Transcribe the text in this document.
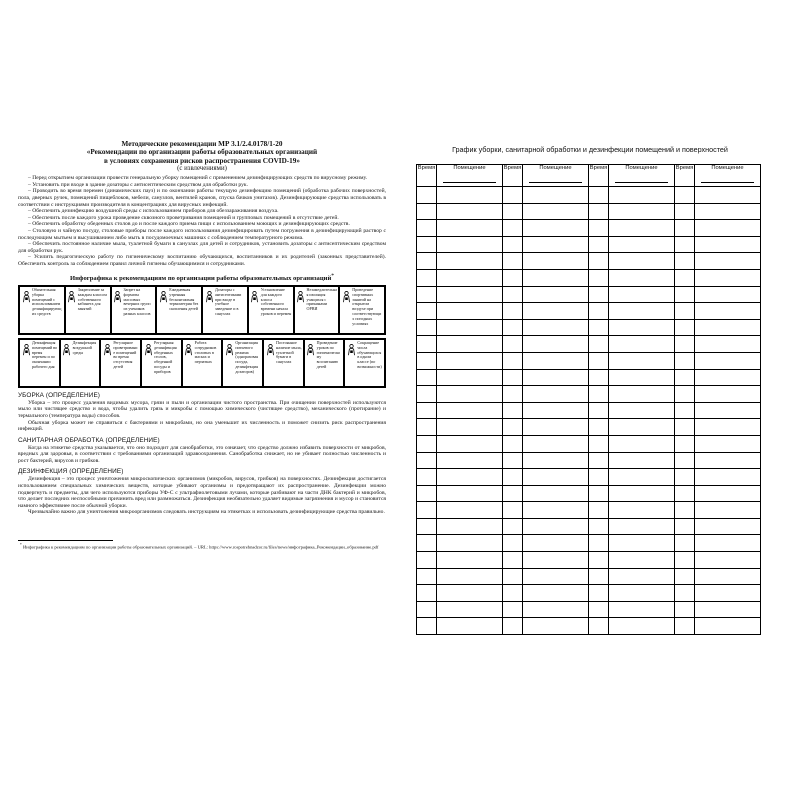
Методические рекомендации МР 3.1/2.4.0178/1-20
«Рекомендации по организации работы образовательных организаций
в условиях сохранения рисков распространения COVID-19»
(с извлечениями)

– Перед открытием организации провести генеральную уборку помещений с применением дезинфицирующих средств по вирусному режиму.

– Установить при входе в здание дозаторы с антисептическим средством для обработки рук.

– Проводить во время перемен (динамических пауз) и по окончании работы текущую дезинфекцию помещений (обработка рабочих поверхностей, пола, дверных ручек, помещений пищеблоков, мебели, санузлов, вентилей кранов, спуска бачков унитазов). Дезинфицирующие средства использовать в соответствии с инструкциями производителя в концентрациях для вирусных инфекций.

– Обеспечить дезинфекцию воздушной среды с использованием приборов для обеззараживания воздуха.

– Обеспечить после каждого урока проведение сквозного проветривания помещений и групповых помещений в отсутствие детей.

– Обеспечить обработку обеденных столов до и после каждого приема пищи с использованием моющих и дезинфицирующих средств.

– Столовую и чайную посуду, столовые приборы после каждого использования дезинфицировать путем погружения в дезинфицирующий раствор с последующим мытьем и высушиванием либо мыть в посудомоечных машинах с соблюдением температурного режима.

– Обеспечить постоянное наличие мыла, туалетной бумаги в санузлах для детей и сотрудников, установить дозаторы с антисептическим средством для обработки рук.

– Усилить педагогическую работу по гигиеническому воспитанию обучающихся, воспитанников и их родителей (законных представителей). Обеспечить контроль за соблюдением правил личной гигиены обучающимися и сотрудниками.

Инфографика к рекомендациям по организации работы образовательных организаций*
Обязательная уборка помещений с использованием дезинфицирующих средств
Закрепление за каждым классом собственного кабинета для занятий
Запрет на форматы массовых вечерних групп из учеников разных классов
Ежедневная утренняя бесконтактная термометрия без скопления детей
Дозаторы с антисептиками при входе в учебное заведение и в санузлах
Установление для каждого класса собственного времени начала уроков и перемен
Незамедлительная изоляция учащихся с признаками ОРВИ
Проведение спортивных занятий на открытом воздухе при соответствующих погодных условиях
Дезинфекция помещений во время перемен и по окончании рабочего дня
Дезинфекция воздушной среды
Регулярное проветривание помещений во время отсутствия детей
Регулярная дезинфекция обеденных столов, обеденной посуды и приборов
Работа сотрудников столовых в масках и перчатках
Организация питьевого режима (одноразовая посуда, дезинфекция дозаторов)
Постоянное наличие мыла, туалетной бумаги в санузлах
Проведение уроков по гигиеническому воспитанию детей
Сокращение числа обучающихся в одном классе (по возможности)
УБОРКА (ОПРЕДЕЛЕНИЕ)

Уборка – это процесс удаления видимых мусора, грязи и пыли и организации чистого пространства. При очищении поверхностей используются мыло или чистящее средство и вода, чтобы удалить грязь и микробы с помощью химического (чистящее средство), механического (протирание) и термального (температура воды) способов.

Обычная уборка может не справиться с бактериями и микробами, но она уменьшит их численность и поможет снизить риск распространения инфекций.

САНИТАРНАЯ ОБРАБОТКА (ОПРЕДЕЛЕНИЕ)

Когда на этикетке средства указывается, что оно подходит для санобработки, это означает, что средство должно избавить поверхности от микробов, вредных для здоровья, в соответствии с требованиями организаций здравоохранения. Санобработка снижает, но не убивает полностью численность и рост бактерий, вирусов и грибков.

ДЕЗИНФЕКЦИЯ (ОПРЕДЕЛЕНИЕ)

Дезинфекция – это процесс уничтожения микроскопических организмов (микробов, вирусов, грибков) на поверхностях. Дезинфекция достигается использованием специальных химических веществ, которые убивают организмы и предотвращают их распространение. Дезинфекции можно подвергнуть и предметы, для чего используются приборы УФ-С с ультрафиолетовыми лучами, которые разбивают на части ДНК бактерий и микробов, что делает последних неспособными причинить вред или размножаться. Дезинфекция необязательно удаляет видимые загрязнения и мусор и становится намного эффективнее после обычной уборки.

Чрезвычайно важно для уничтожения микроорганизмов следовать инструкциям на этикетках и использовать дезинфицирующие средства правильно.

* Инфографика к рекомендациям по организации работы образовательных организаций. – URL: https://www.rospotrebnadzor.ru/files/news/инфографика_Рекомендации_образование.pdf
График уборки, санитарной обработки и дезинфекции помещений и поверхностей
Время	Помещение	Время	Помещение	Время	Помещение	Время	Помещение
